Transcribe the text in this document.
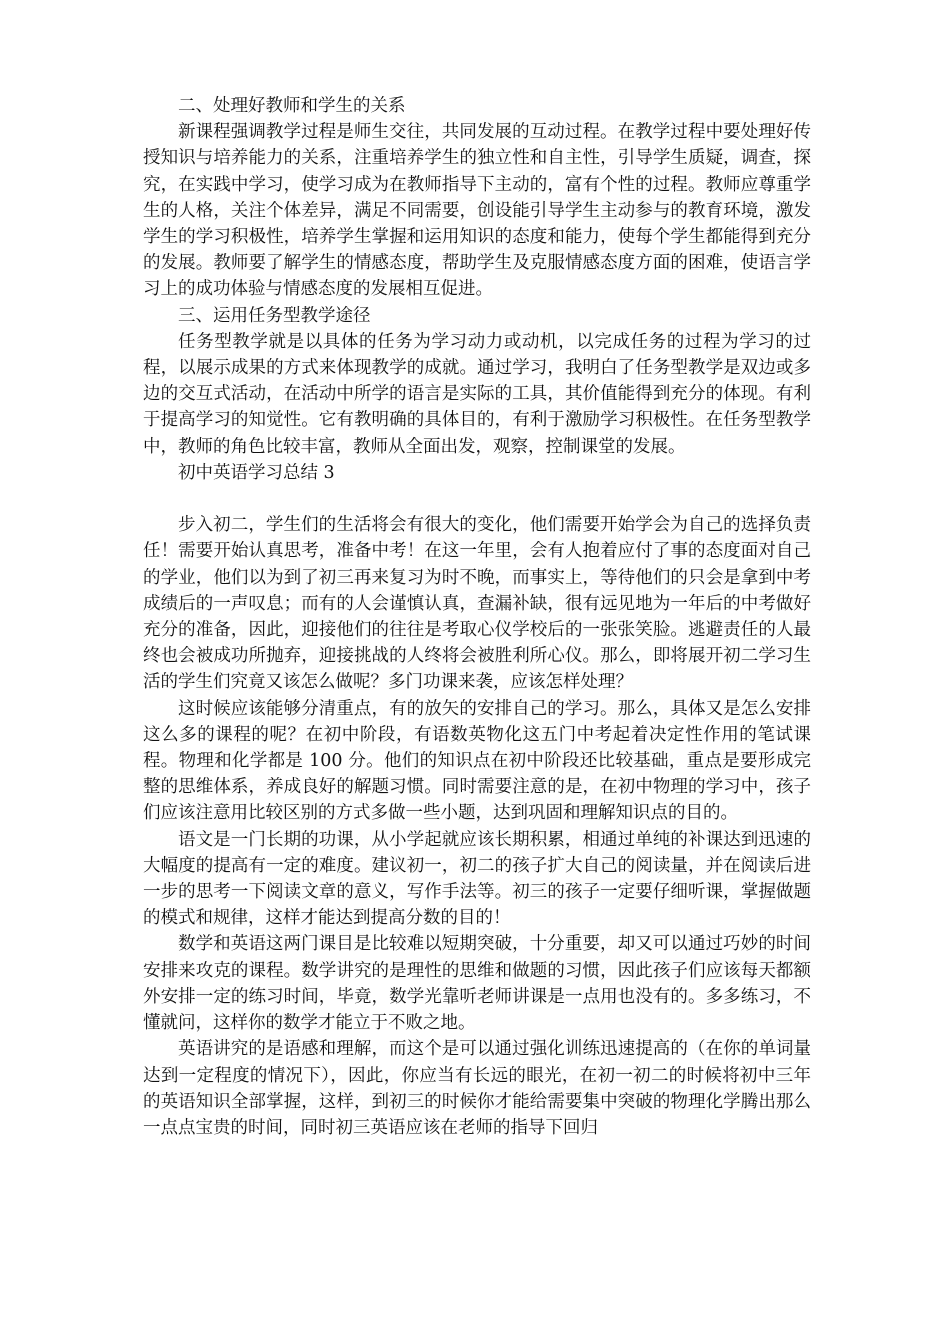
二、处理好教师和学生的关系

新课程强调教学过程是师生交往，共同发展的互动过程。在教学过程中要处理好传授知识与培养能力的关系，注重培养学生的独立性和自主性，引导学生质疑，调查，探究，在实践中学习，使学习成为在教师指导下主动的，富有个性的过程。教师应尊重学生的人格，关注个体差异，满足不同需要，创设能引导学生主动参与的教育环境，激发学生的学习积极性，培养学生掌握和运用知识的态度和能力，使每个学生都能得到充分的发展。教师要了解学生的情感态度，帮助学生及克服情感态度方面的困难，使语言学习上的成功体验与情感态度的发展相互促进。

三、运用任务型教学途径

任务型教学就是以具体的任务为学习动力或动机，以完成任务的过程为学习的过程，以展示成果的方式来体现教学的成就。通过学习，我明白了任务型教学是双边或多边的交互式活动，在活动中所学的语言是实际的工具，其价值能得到充分的体现。有利于提高学习的知觉性。它有教明确的具体目的，有利于激励学习积极性。在任务型教学中，教师的角色比较丰富，教师从全面出发，观察，控制课堂的发展。

初中英语学习总结 3

步入初二，学生们的生活将会有很大的变化，他们需要开始学会为自己的选择负责任！需要开始认真思考，准备中考！在这一年里，会有人抱着应付了事的态度面对自己的学业，他们以为到了初三再来复习为时不晚，而事实上，等待他们的只会是拿到中考成绩后的一声叹息；而有的人会谨慎认真，查漏补缺，很有远见地为一年后的中考做好充分的准备，因此，迎接他们的往往是考取心仪学校后的一张张笑脸。逃避责任的人最终也会被成功所抛弃，迎接挑战的人终将会被胜利所心仪。那么，即将展开初二学习生活的学生们究竟又该怎么做呢？多门功课来袭，应该怎样处理？

这时候应该能够分清重点，有的放矢的安排自己的学习。那么，具体又是怎么安排这么多的课程的呢？在初中阶段，有语数英物化这五门中考起着决定性作用的笔试课程。物理和化学都是 100 分。他们的知识点在初中阶段还比较基础，重点是要形成完整的思维体系，养成良好的解题习惯。同时需要注意的是，在初中物理的学习中，孩子们应该注意用比较区别的方式多做一些小题，达到巩固和理解知识点的目的。

语文是一门长期的功课，从小学起就应该长期积累，相通过单纯的补课达到迅速的大幅度的提高有一定的难度。建议初一，初二的孩子扩大自己的阅读量，并在阅读后进一步的思考一下阅读文章的意义，写作手法等。初三的孩子一定要仔细听课，掌握做题的模式和规律，这样才能达到提高分数的目的！

数学和英语这两门课目是比较难以短期突破，十分重要，却又可以通过巧妙的时间安排来攻克的课程。数学讲究的是理性的思维和做题的习惯，因此孩子们应该每天都额外安排一定的练习时间，毕竟，数学光靠听老师讲课是一点用也没有的。多多练习，不懂就问，这样你的数学才能立于不败之地。

英语讲究的是语感和理解，而这个是可以通过强化训练迅速提高的（在你的单词量达到一定程度的情况下），因此，你应当有长远的眼光，在初一初二的时候将初中三年的英语知识全部掌握，这样，到初三的时候你才能给需要集中突破的物理化学腾出那么一点点宝贵的时间，同时初三英语应该在老师的指导下回归
